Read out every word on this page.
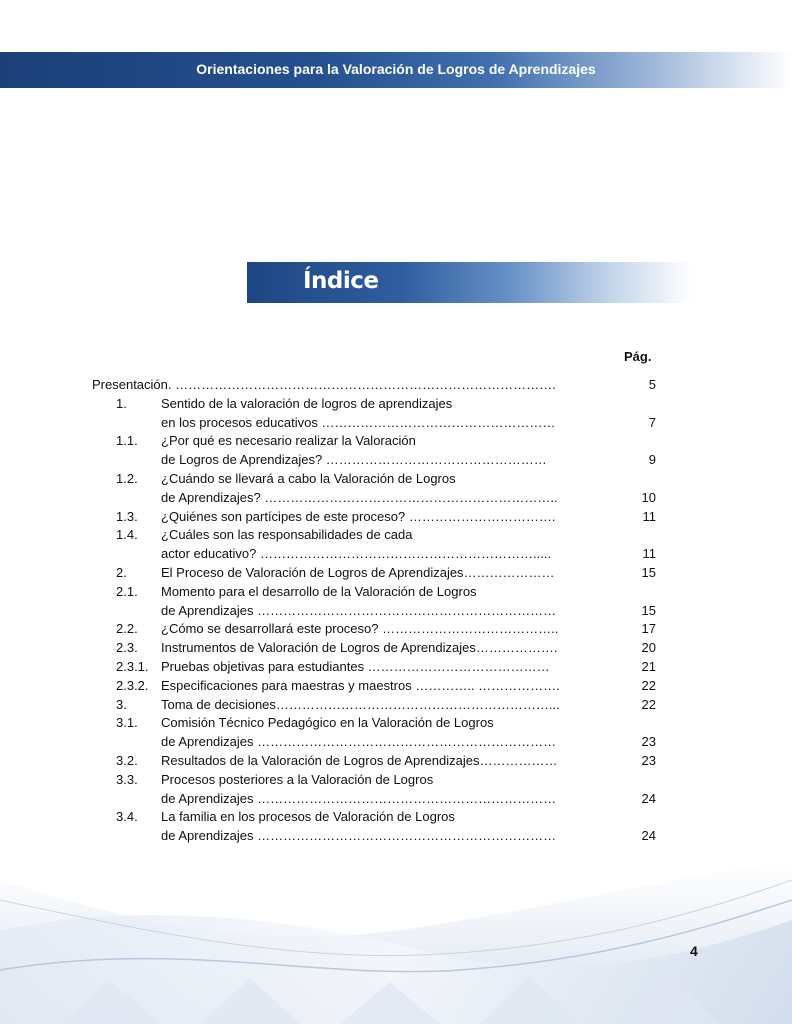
Orientaciones para la Valoración de Logros de Aprendizajes
Índice
Pág.
Presentación. …………………………………………………………………………….	5
1.	Sentido de la valoración de logros de aprendizajes
en los procesos educativos ………………………………………………	7
1.1. ¿Por qué es necesario realizar la Valoración
de Logros de Aprendizajes? ……………………………………………	9
1.2. ¿Cuándo se llevará a cabo la Valoración de Logros
de Aprendizajes? …………………………………………………………..	10
1.3. ¿Quiénes son partícipes de este proceso? …………………………….	11
1.4. ¿Cuáles son las responsabilidades de cada
actor educativo? ……………………………………………………….....	11
2.	El Proceso de Valoración de Logros de Aprendizajes…………………	15
2.1. Momento para el desarrollo de la Valoración de Logros
de Aprendizajes ……………………………………………………………	15
2.2. ¿Cómo se desarrollará este proceso? …………………………………..	17
2.3. Instrumentos de Valoración de Logros de Aprendizajes……………….	20
2.3.1. Pruebas objetivas para estudiantes ……………………………………	21
2.3.2. Especificaciones para maestras y maestros ………….. ……………….	22
3.	Toma de decisiones………………………………………………………...	22
3.1. Comisión Técnico Pedagógico en la Valoración de Logros
de Aprendizajes ……………………………………………………………	23
3.2. Resultados de la Valoración de Logros de Aprendizajes………………	23
3.3. Procesos posteriores a la Valoración de Logros
de Aprendizajes ……………………………………………………………	24
3.4. La familia en los procesos de Valoración de Logros
de Aprendizajes ……………………………………………………………	24
4
